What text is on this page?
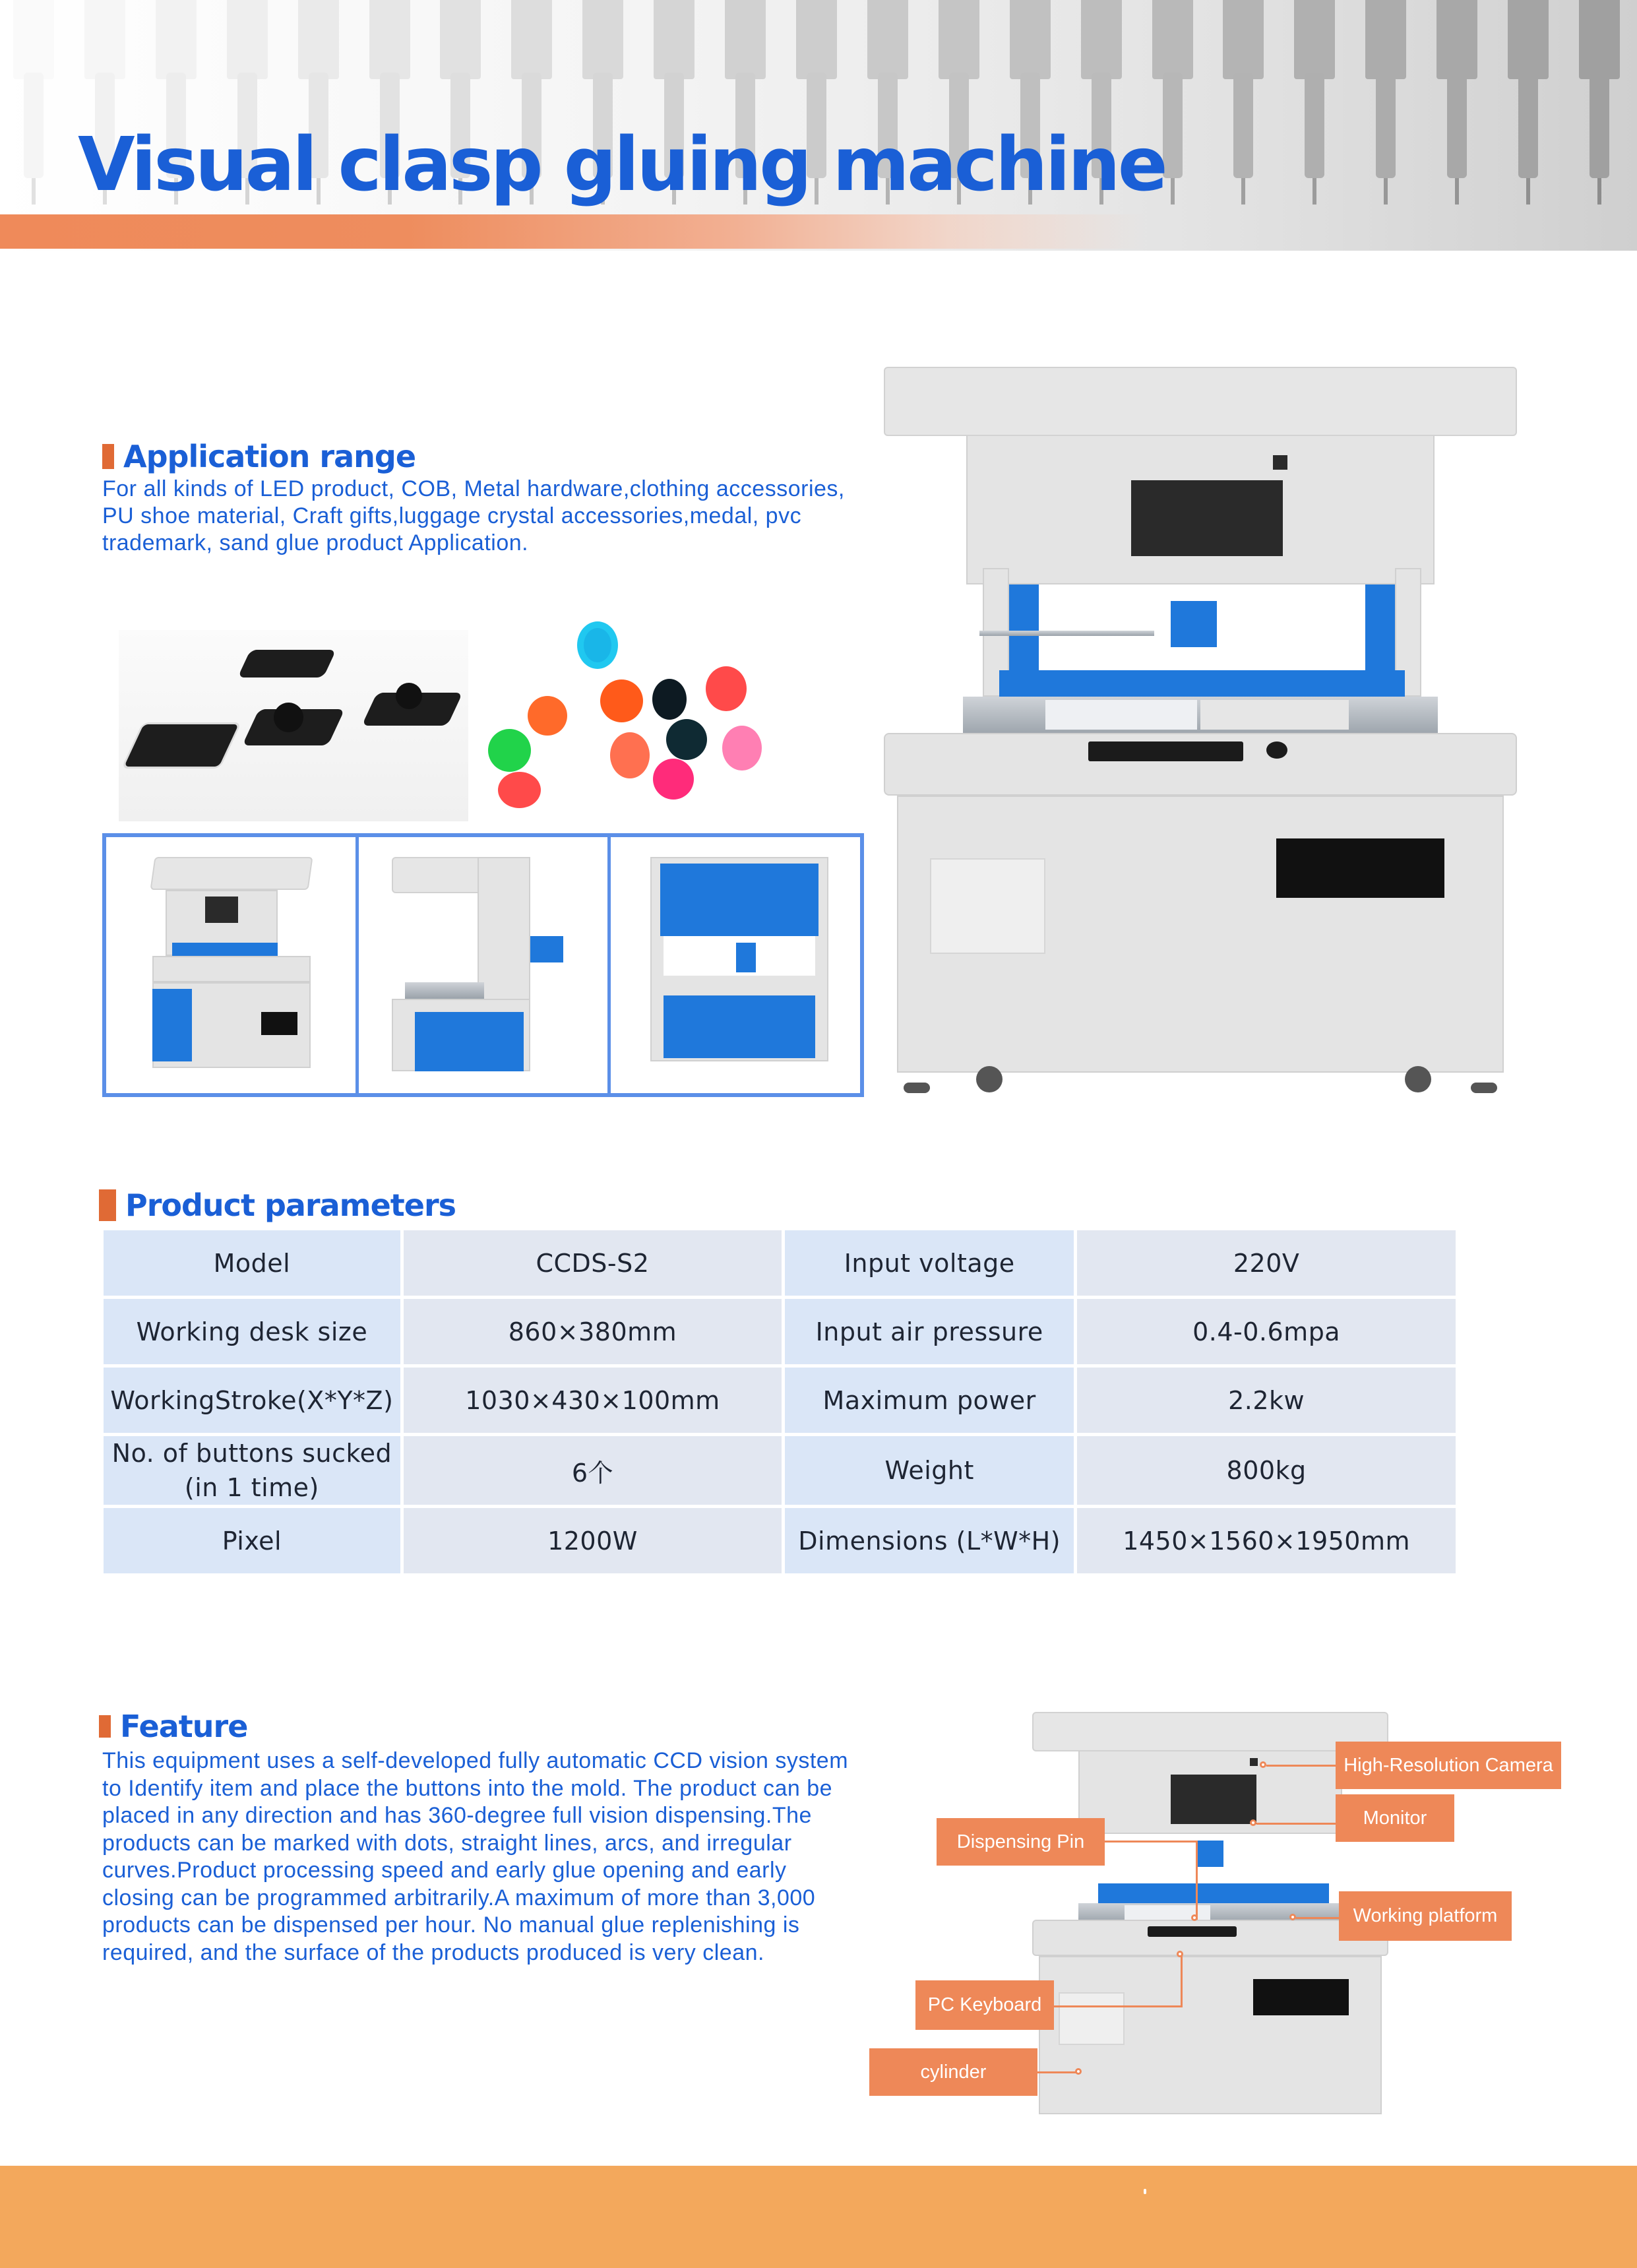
Visual clasp gluing machine
Application range
For all kinds of LED product, COB, Metal hardware,clothing accessories,
PU shoe material, Craft gifts,luggage crystal accessories,medal, pvc
trademark, sand glue product Application.
Product parameters
Model	CCDS-S2	Input voltage	220V
Working desk size	860×380mm	Input air pressure	0.4-0.6mpa
WorkingStroke(X*Y*Z)	1030×430×100mm	Maximum power	2.2kw

No. of buttons sucked
(in 1 time)	6个	Weight	800kg
Pixel	1200W	Dimensions (L*W*H)	1450×1560×1950mm
Feature
This equipment uses a self-developed fully automatic CCD vision system
to Identify item and place the buttons into the mold. The product can be
placed in any direction and has 360-degree full vision dispensing.The
products can be marked with dots, straight lines, arcs, and irregular
curves.Product processing speed and early glue opening and early
closing can be programmed arbitrarily.A maximum of more than 3,000
products can be dispensed per hour. No manual glue replenishing is
required, and the surface of the products produced is very clean.
High-Resolution Camera
Monitor
Dispensing Pin
Working platform
PC Keyboard
cylinder
